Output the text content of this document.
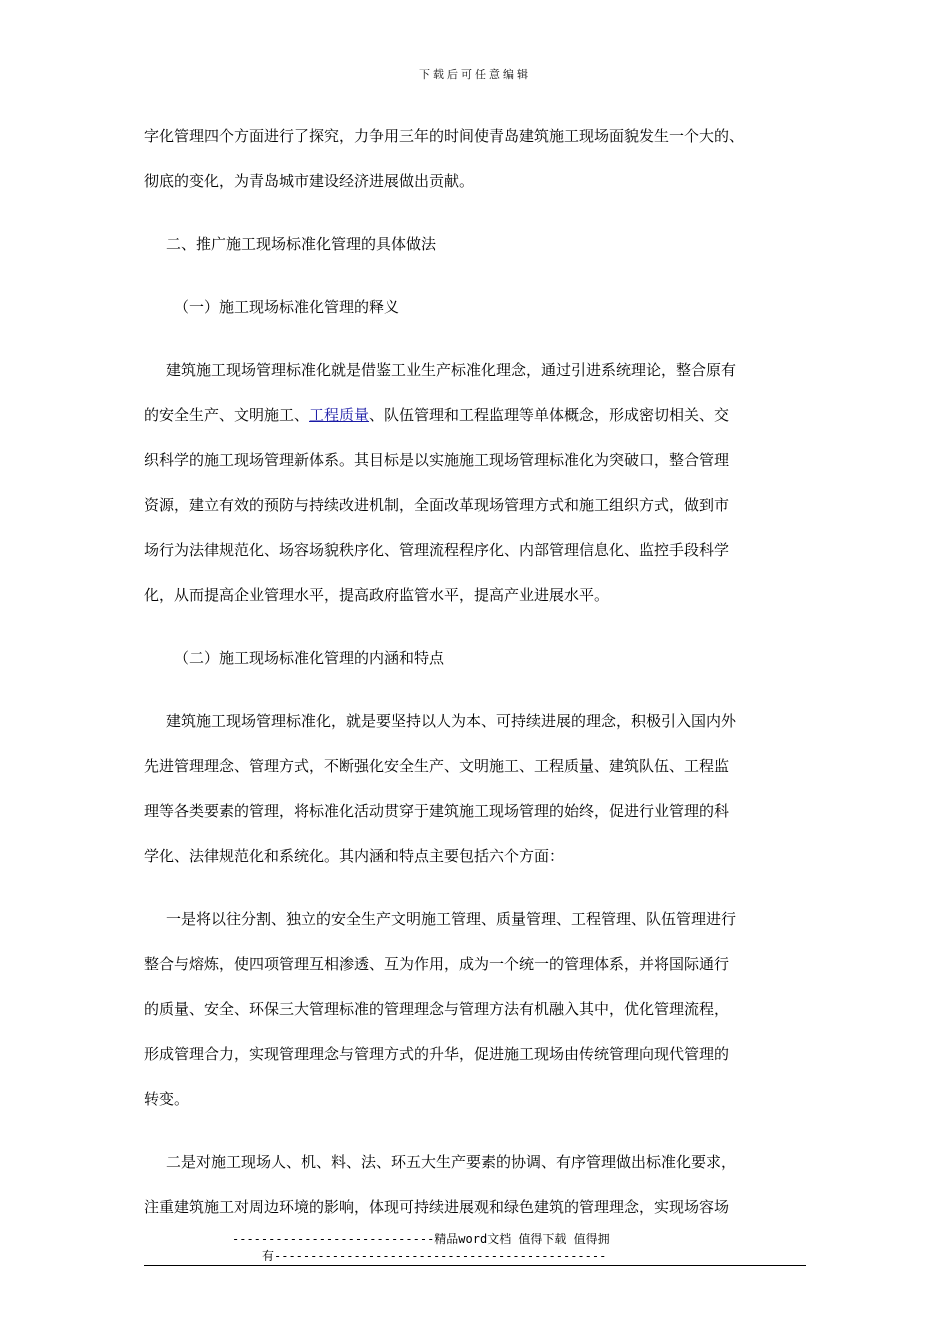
下载后可任意编辑
字化管理四个方面进行了探究，力争用三年的时间使青岛建筑施工现场面貌发生一个大的、
彻底的变化，为青岛城市建设经济进展做出贡献。
二、推广施工现场标准化管理的具体做法
（一）施工现场标准化管理的释义
建筑施工现场管理标准化就是借鉴工业生产标准化理念，通过引进系统理论，整合原有
的安全生产、文明施工、工程质量、队伍管理和工程监理等单体概念，形成密切相关、交
织科学的施工现场管理新体系。其目标是以实施施工现场管理标准化为突破口，整合管理
资源，建立有效的预防与持续改进机制，全面改革现场管理方式和施工组织方式，做到市
场行为法律规范化、场容场貌秩序化、管理流程程序化、内部管理信息化、监控手段科学
化，从而提高企业管理水平，提高政府监管水平，提高产业进展水平。
（二）施工现场标准化管理的内涵和特点
建筑施工现场管理标准化，就是要坚持以人为本、可持续进展的理念，积极引入国内外
先进管理理念、管理方式，不断强化安全生产、文明施工、工程质量、建筑队伍、工程监
理等各类要素的管理，将标准化活动贯穿于建筑施工现场管理的始终，促进行业管理的科
学化、法律规范化和系统化。其内涵和特点主要包括六个方面：
一是将以往分割、独立的安全生产文明施工管理、质量管理、工程管理、队伍管理进行
整合与熔炼，使四项管理互相渗透、互为作用，成为一个统一的管理体系，并将国际通行
的质量、安全、环保三大管理标准的管理理念与管理方法有机融入其中，优化管理流程，
形成管理合力，实现管理理念与管理方式的升华，促进施工现场由传统管理向现代管理的
转变。
二是对施工现场人、机、料、法、环五大生产要素的协调、有序管理做出标准化要求，
注重建筑施工对周边环境的影响，体现可持续进展观和绿色建筑的管理理念，实现场容场
----------------------------精品word文档 值得下载 值得拥
有----------------------------------------------
